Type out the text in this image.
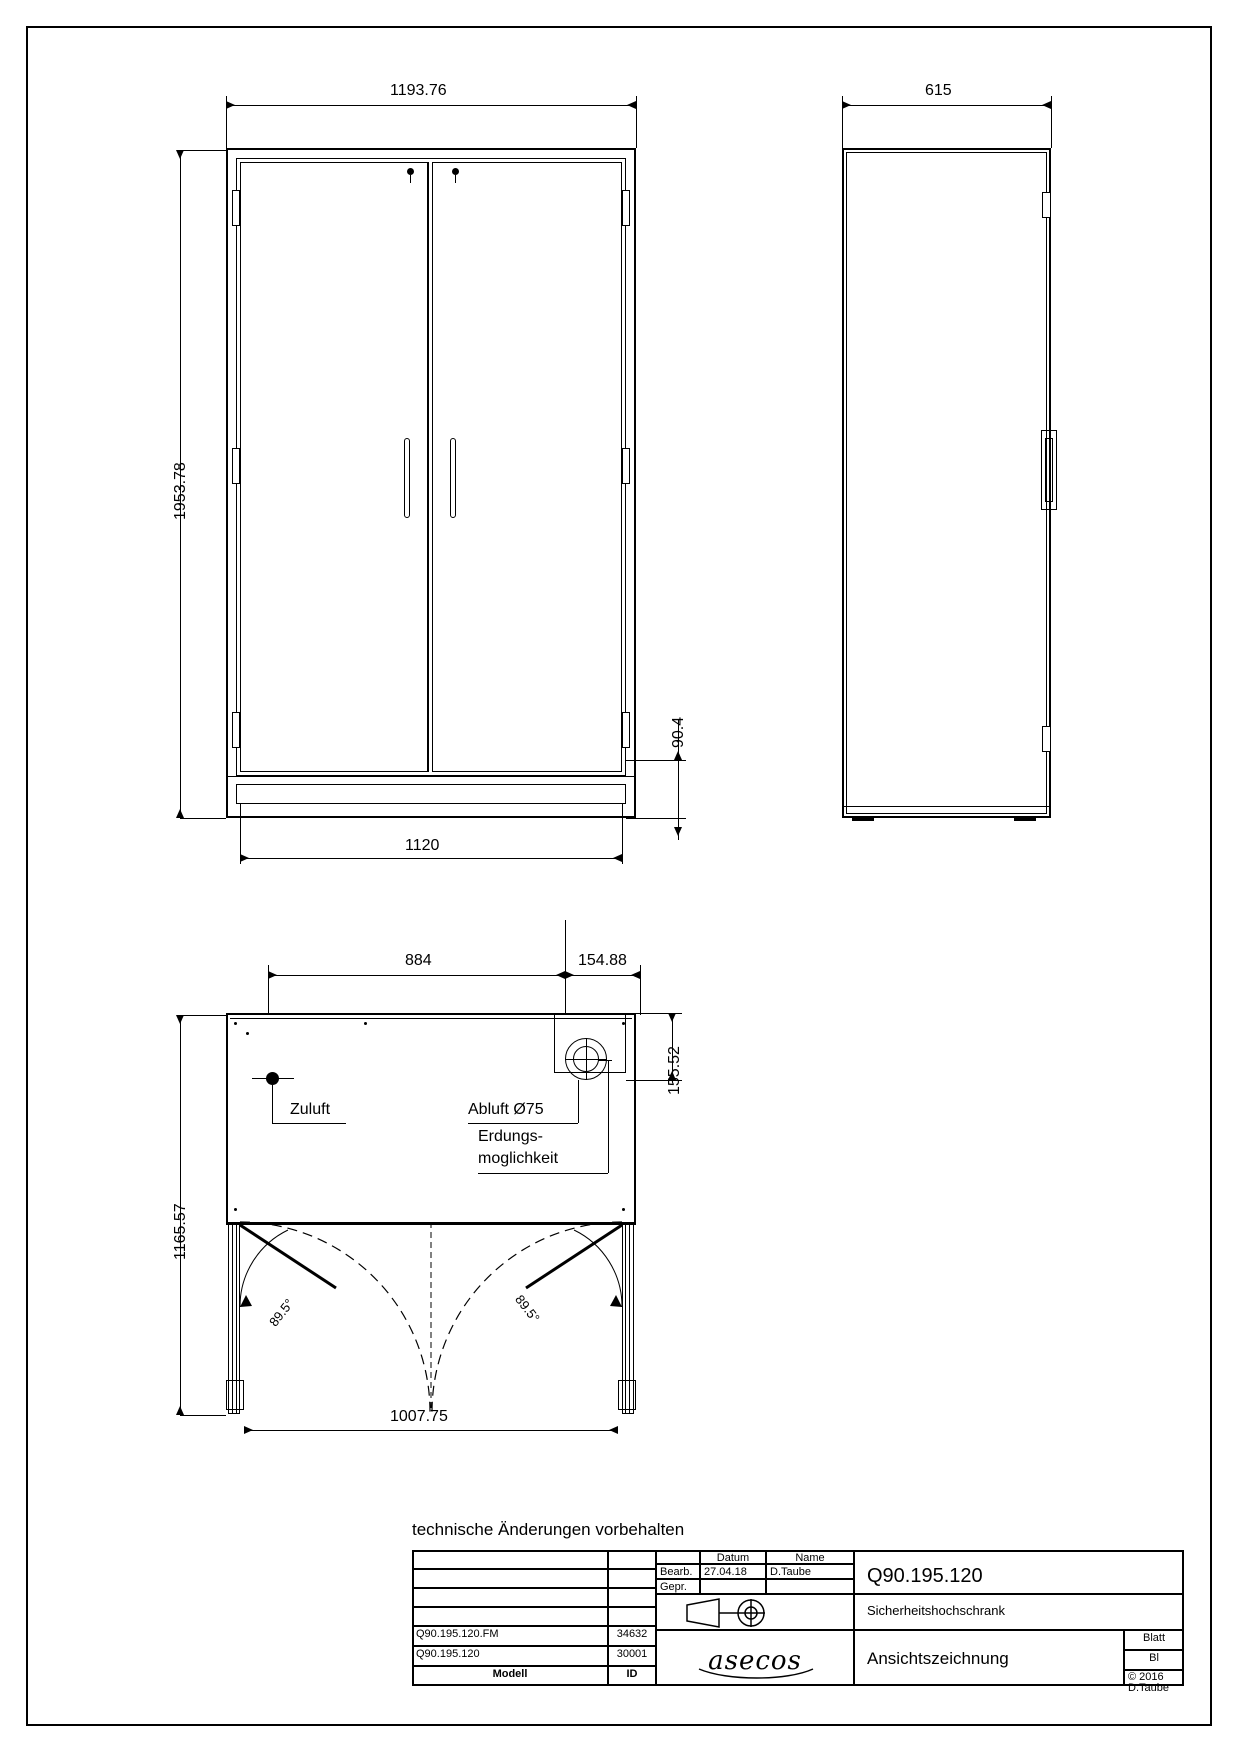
1193.76
1953.78
1120
90.4
615
884	154.88
Zuluft	Abluft Ø75
Erdungs-
moglichkeit
155.52
1165.57
89.5°	89.5°
1007.75
technische Änderungen vorbehalten
Datum	Name
Bearb.	27.04.18	D.Taube
Gepr.
asecos
Q90.195.120.FM	34632
Q90.195.120	30001
Modell	ID
Q90.195.120
Sicherheitshochschrank
Ansichtszeichnung
Blatt
Bl
© 2016
D.Taube
